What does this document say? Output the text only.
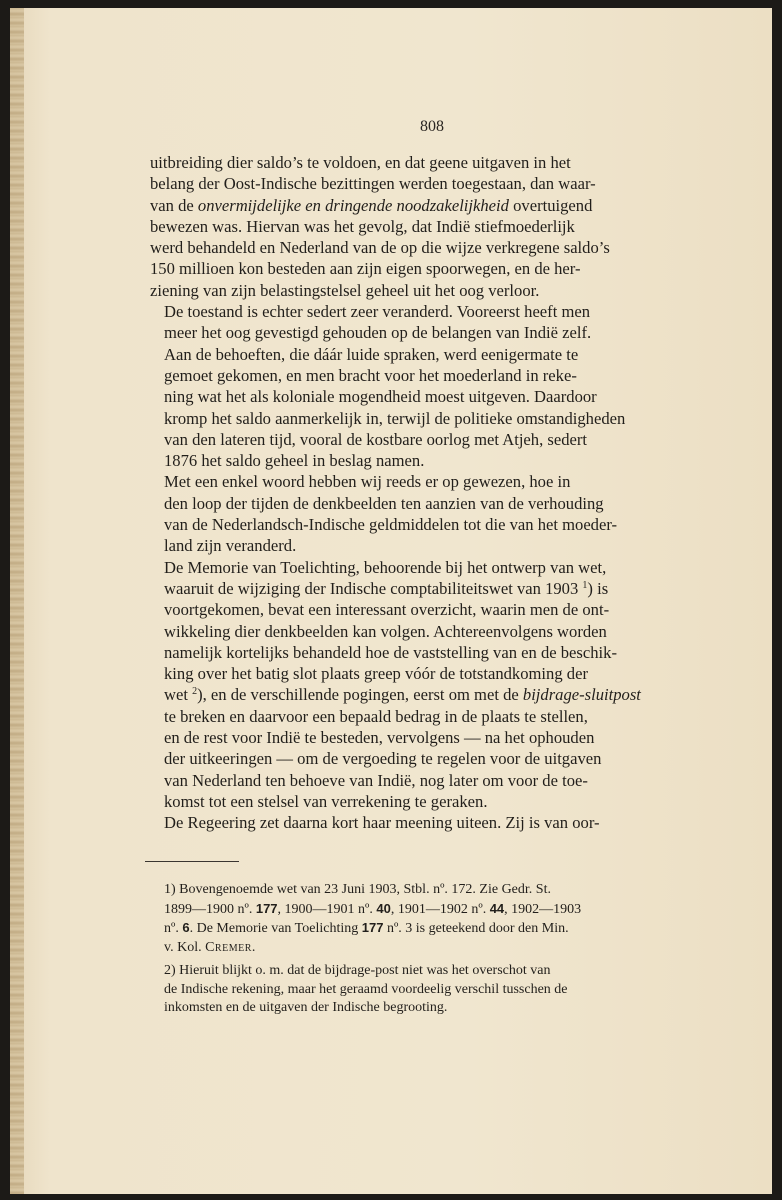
808

uitbreiding dier saldo’s te voldoen, en dat geene uitgaven in het
belang der Oost-Indische bezittingen werden toegestaan, dan waar-
van de onvermijdelijke en dringende noodzakelijkheid overtuigend
bewezen was. Hiervan was het gevolg, dat Indië stiefmoederlijk
werd behandeld en Nederland van de op die wijze verkregene saldo’s
150 millioen kon besteden aan zijn eigen spoorwegen, en de her-
ziening van zijn belastingstelsel geheel uit het oog verloor.

De toestand is echter sedert zeer veranderd. Vooreerst heeft men
meer het oog gevestigd gehouden op de belangen van Indië zelf.
Aan de behoeften, die dáár luide spraken, werd eenigermate te
gemoet gekomen, en men bracht voor het moederland in reke-
ning wat het als koloniale mogendheid moest uitgeven. Daardoor
kromp het saldo aanmerkelijk in, terwijl de politieke omstandigheden
van den lateren tijd, vooral de kostbare oorlog met Atjeh, sedert
1876 het saldo geheel in beslag namen.

Met een enkel woord hebben wij reeds er op gewezen, hoe in
den loop der tijden de denkbeelden ten aanzien van de verhouding
van de Nederlandsch-Indische geldmiddelen tot die van het moeder-
land zijn veranderd.

De Memorie van Toelichting, behoorende bij het ontwerp van wet,
waaruit de wijziging der Indische comptabiliteitswet van 1903 $^1$) is
voortgekomen, bevat een interessant overzicht, waarin men de ont-
wikkeling dier denkbeelden kan volgen. Achtereenvolgens worden
namelijk kortelijks behandeld hoe de vaststelling van en de beschik-
king over het batig slot plaats greep vóór de totstandkoming der
wet $^2$), en de verschillende pogingen, eerst om met de bijdrage-sluitpost
te breken en daarvoor een bepaald bedrag in de plaats te stellen,
en de rest voor Indië te besteden, vervolgens — na het ophouden
der uitkeeringen — om de vergoeding te regelen voor de uitgaven
van Nederland ten behoeve van Indië, nog later om voor de toe-
komst tot een stelsel van verrekening te geraken.

De Regeering zet daarna kort haar meening uiteen. Zij is van oor-

1) Bovengenoemde wet van 23 Juni 1903, Stbl. nº. 172. Zie Gedr. St.
1899—1900 nº. 177, 1900—1901 nº. 40, 1901—1902 nº. 44, 1902—1903
nº. 6. De Memorie van Toelichting 177 nº. 3 is geteekend door den Min.
v. Kol. Cremer.

2) Hieruit blijkt o. m. dat de bijdrage-post niet was het overschot van
de Indische rekening, maar het geraamd voordeelig verschil tusschen de
inkomsten en de uitgaven der Indische begrooting.
